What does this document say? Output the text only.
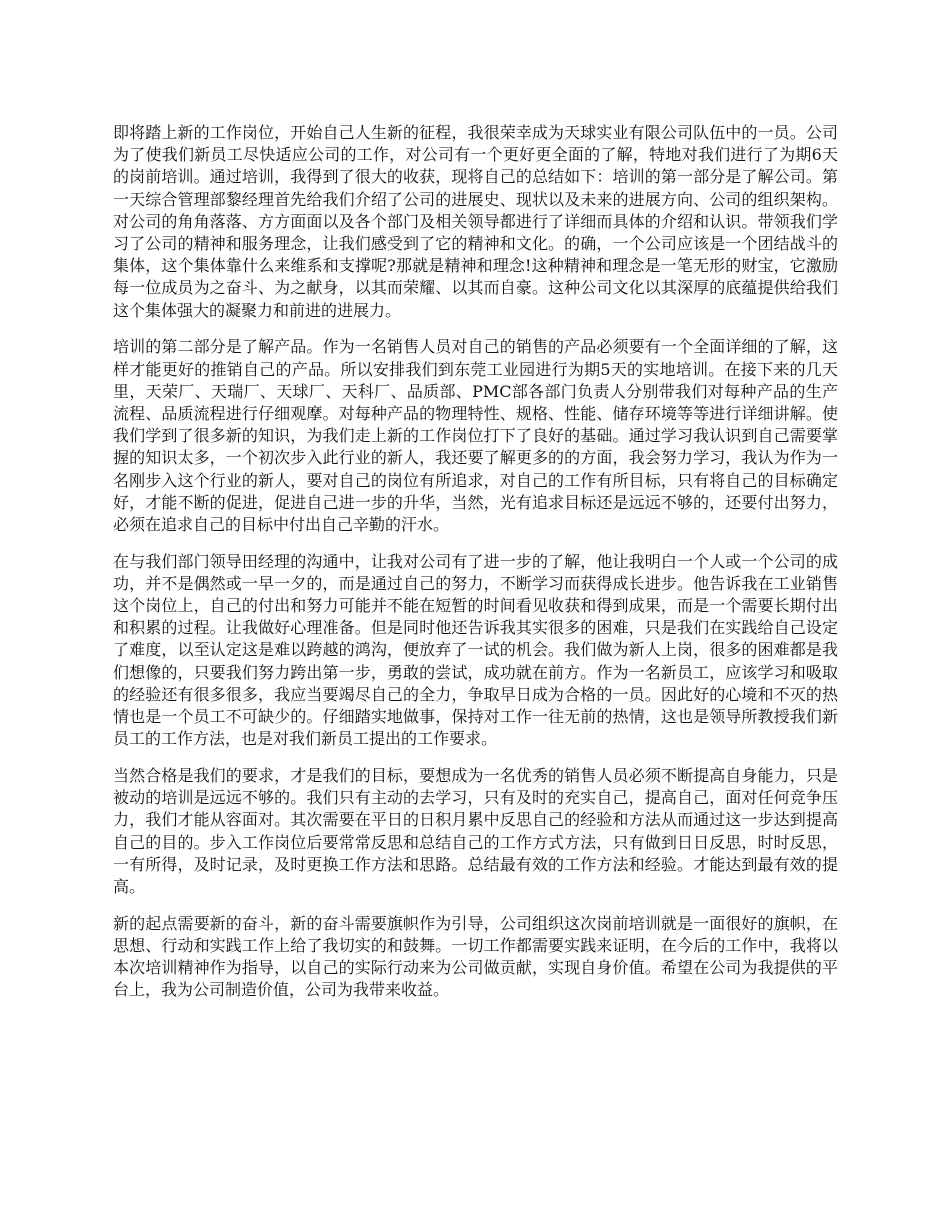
即将踏上新的工作岗位，开始自己人生新的征程，我很荣幸成为天球实业有限公司队伍中的一员。公司为了使我们新员工尽快适应公司的工作，对公司有一个更好更全面的了解，特地对我们进行了为期6天的岗前培训。通过培训，我得到了很大的收获，现将自己的总结如下：培训的第一部分是了解公司。第一天综合管理部黎经理首先给我们介绍了公司的进展史、现状以及未来的进展方向、公司的组织架构。对公司的角角落落、方方面面以及各个部门及相关领导都进行了详细而具体的介绍和认识。带领我们学习了公司的精神和服务理念，让我们感受到了它的精神和文化。的确，一个公司应该是一个团结战斗的集体，这个集体靠什么来维系和支撑呢?那就是精神和理念!这种精神和理念是一笔无形的财宝，它激励每一位成员为之奋斗、为之献身，以其而荣耀、以其而自豪。这种公司文化以其深厚的底蕴提供给我们这个集体强大的凝聚力和前进的进展力。

培训的第二部分是了解产品。作为一名销售人员对自己的销售的产品必须要有一个全面详细的了解，这样才能更好的推销自己的产品。所以安排我们到东莞工业园进行为期5天的实地培训。在接下来的几天里，天荣厂、天瑞厂、天球厂、天科厂、品质部、PMC部各部门负责人分别带我们对每种产品的生产流程、品质流程进行仔细观摩。对每种产品的物理特性、规格、性能、储存环境等等进行详细讲解。使我们学到了很多新的知识，为我们走上新的工作岗位打下了良好的基础。通过学习我认识到自己需要掌握的知识太多，一个初次步入此行业的新人，我还要了解更多的的方面，我会努力学习，我认为作为一名刚步入这个行业的新人，要对自己的岗位有所追求，对自己的工作有所目标，只有将自己的目标确定好，才能不断的促进，促进自己进一步的升华，当然，光有追求目标还是远远不够的，还要付出努力，必须在追求自己的目标中付出自己辛勤的汗水。

在与我们部门领导田经理的沟通中，让我对公司有了进一步的了解，他让我明白一个人或一个公司的成功，并不是偶然或一早一夕的，而是通过自己的努力，不断学习而获得成长进步。他告诉我在工业销售这个岗位上，自己的付出和努力可能并不能在短暂的时间看见收获和得到成果，而是一个需要长期付出和积累的过程。让我做好心理准备。但是同时他还告诉我其实很多的困难，只是我们在实践给自己设定了难度，以至认定这是难以跨越的鸿沟，便放弃了一试的机会。我们做为新人上岗，很多的困难都是我们想像的，只要我们努力跨出第一步，勇敢的尝试，成功就在前方。作为一名新员工，应该学习和吸取的经验还有很多很多，我应当要竭尽自己的全力，争取早日成为合格的一员。因此好的心境和不灭的热情也是一个员工不可缺少的。仔细踏实地做事，保持对工作一往无前的热情，这也是领导所教授我们新员工的工作方法，也是对我们新员工提出的工作要求。

当然合格是我们的要求，才是我们的目标，要想成为一名优秀的销售人员必须不断提高自身能力，只是被动的培训是远远不够的。我们只有主动的去学习，只有及时的充实自己，提高自己，面对任何竞争压力，我们才能从容面对。其次需要在平日的日积月累中反思自己的经验和方法从而通过这一步达到提高自己的目的。步入工作岗位后要常常反思和总结自己的工作方式方法，只有做到日日反思，时时反思，一有所得，及时记录，及时更换工作方法和思路。总结最有效的工作方法和经验。才能达到最有效的提高。

新的起点需要新的奋斗，新的奋斗需要旗帜作为引导，公司组织这次岗前培训就是一面很好的旗帜，在思想、行动和实践工作上给了我切实的和鼓舞。一切工作都需要实践来证明，在今后的工作中，我将以本次培训精神作为指导，以自己的实际行动来为公司做贡献，实现自身价值。希望在公司为我提供的平台上，我为公司制造价值，公司为我带来收益。
